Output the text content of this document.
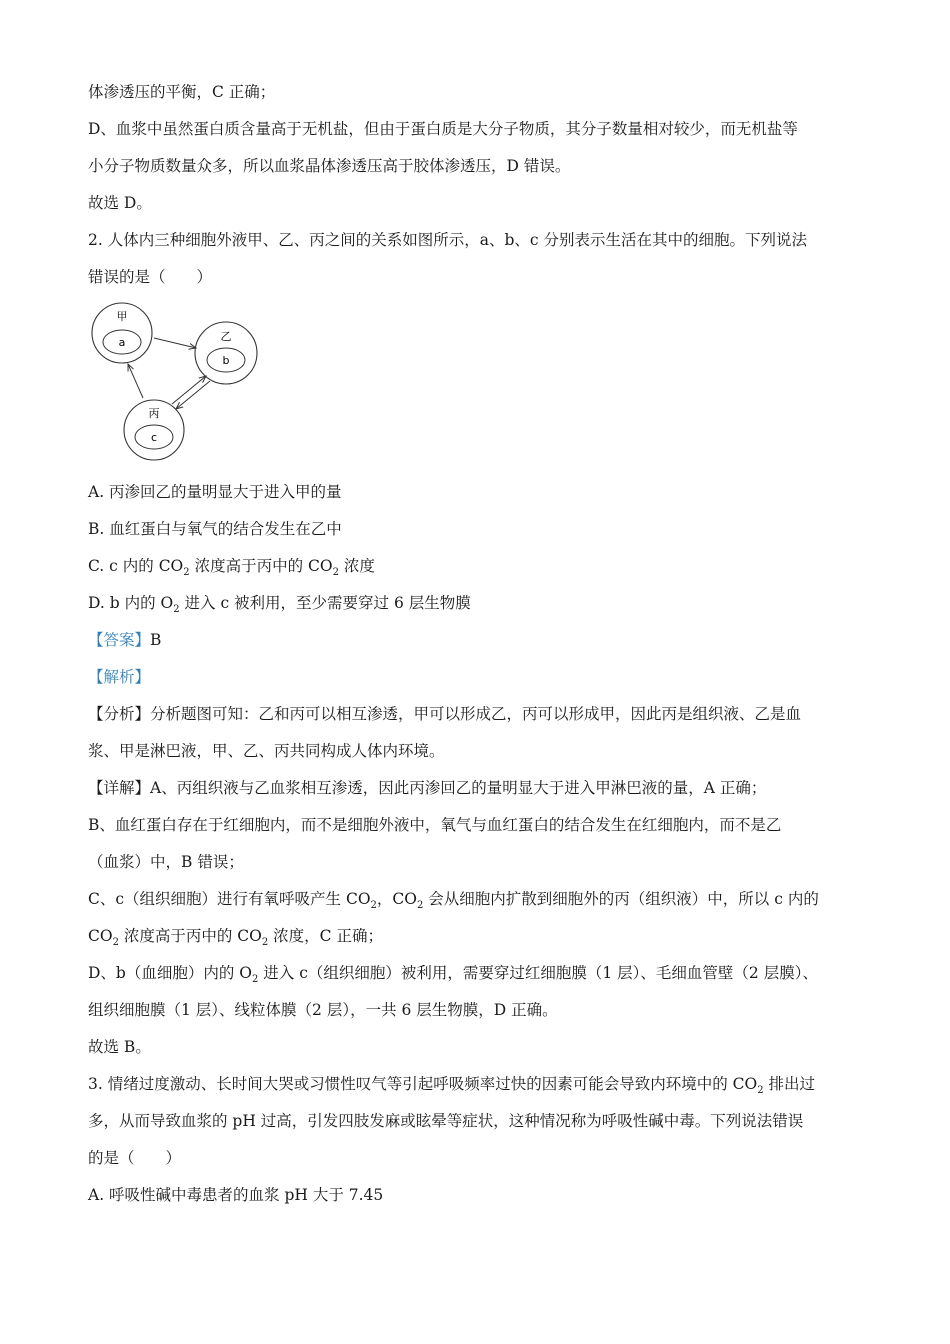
体渗透压的平衡，C 正确；
D、血浆中虽然蛋白质含量高于无机盐，但由于蛋白质是大分子物质，其分子数量相对较少，而无机盐等
小分子物质数量众多，所以血浆晶体渗透压高于胶体渗透压，D 错误。
故选 D。
2. 人体内三种细胞外液甲、乙、丙之间的关系如图所示，a、b、c 分别表示生活在其中的细胞。下列说法
错误的是（　　）
甲
a	乙
b
丙
c
A. 丙渗回乙的量明显大于进入甲的量
B. 血红蛋白与氧气的结合发生在乙中
C. c 内的 $CO_2$ 浓度高于丙中的 $CO_2$ 浓度
D. b 内的 $O_2$ 进入 c 被利用，至少需要穿过 6 层生物膜
【答案】B
【解析】
【分析】分析题图可知：乙和丙可以相互渗透，甲可以形成乙，丙可以形成甲，因此丙是组织液、乙是血
浆、甲是淋巴液，甲、乙、丙共同构成人体内环境。
【详解】A、丙组织液与乙血浆相互渗透，因此丙渗回乙的量明显大于进入甲淋巴液的量，A 正确；
B、血红蛋白存在于红细胞内，而不是细胞外液中，氧气与血红蛋白的结合发生在红细胞内，而不是乙
（血浆）中，B 错误；
C、c（组织细胞）进行有氧呼吸产生 $CO_2$，$CO_2$ 会从细胞内扩散到细胞外的丙（组织液）中，所以 c 内的
$CO_2$ 浓度高于丙中的 $CO_2$ 浓度，C 正确；
D、b（血细胞）内的 $O_2$ 进入 c（组织细胞）被利用，需要穿过红细胞膜（1 层）、毛细血管壁（2 层膜）、
组织细胞膜（1 层）、线粒体膜（2 层），一共 6 层生物膜，D 正确。
故选 B。
3. 情绪过度激动、长时间大哭或习惯性叹气等引起呼吸频率过快的因素可能会导致内环境中的 $CO_2$ 排出过
多，从而导致血浆的 pH 过高，引发四肢发麻或眩晕等症状，这种情况称为呼吸性碱中毒。下列说法错误
的是（　　）
A. 呼吸性碱中毒患者的血浆 pH 大于 7.45
